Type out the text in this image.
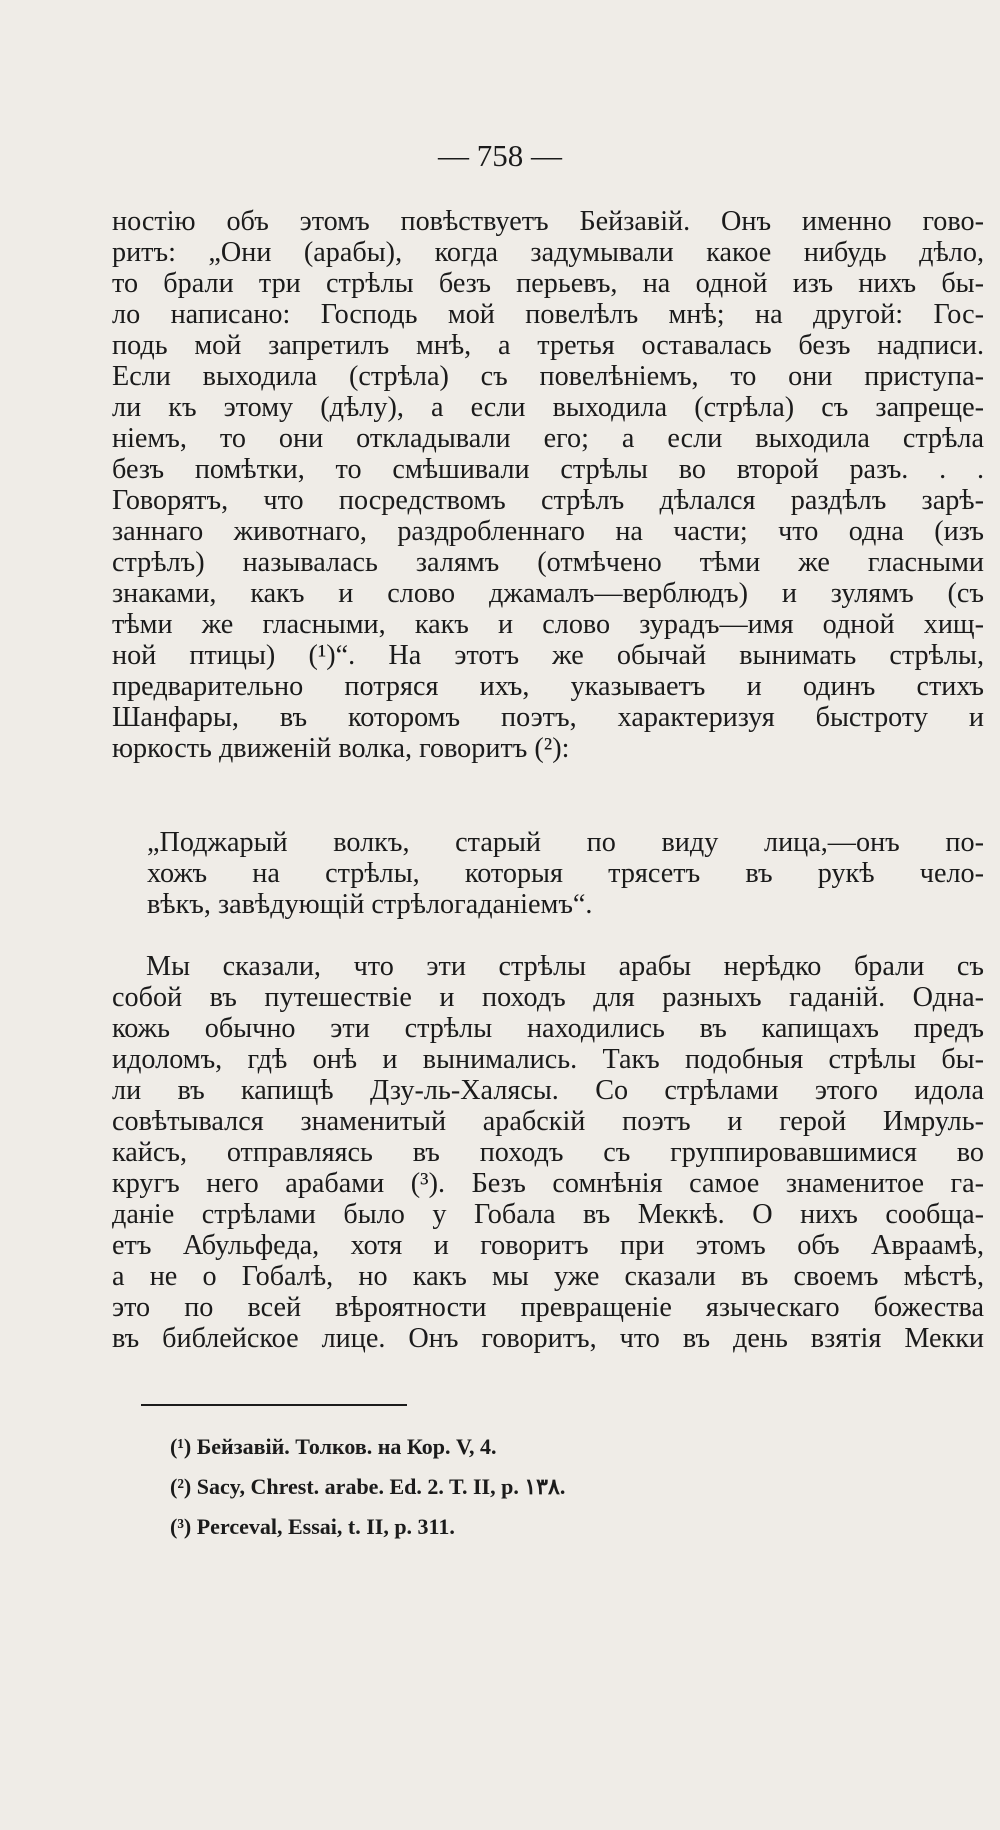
— 758 —
ностію объ этомъ повѣствуетъ Бейзавій. Онъ именно гово-
ритъ: „Они (арабы), когда задумывали какое нибудь дѣло,
то брали три стрѣлы безъ перьевъ, на одной изъ нихъ бы-
ло написано: Господь мой повелѣлъ мнѣ; на другой: Гос-
подь мой запретилъ мнѣ, а третья оставалась безъ надписи.
Если выходила (стрѣла) съ повелѣніемъ, то они приступа-
ли къ этому (дѣлу), а если выходила (стрѣла) съ запреще-
ніемъ, то они откладывали его; а если выходила стрѣла
безъ помѣтки, то смѣшивали стрѣлы во второй разъ. . .
Говорятъ, что посредствомъ стрѣлъ дѣлался раздѣлъ зарѣ-
заннаго животнаго, раздробленнаго на части; что одна (изъ
стрѣлъ) называлась залямъ (отмѣчено тѣми же гласными
знаками, какъ и слово джамалъ—верблюдъ) и зулямъ (съ
тѣми же гласными, какъ и слово зурадъ—имя одной хищ-
ной птицы) (¹)“. На этотъ же обычай вынимать стрѣлы,
предварительно потряся ихъ, указываетъ и одинъ стихъ
Шанфары, въ которомъ поэтъ, характеризуя быстроту и
юркость движеній волка, говоритъ (²):
„Поджарый волкъ, старый по виду лица,—онъ по-
хожъ на стрѣлы, которыя трясетъ въ рукѣ чело-
вѣкъ, завѣдующій стрѣлогаданіемъ“.
Мы сказали, что эти стрѣлы арабы нерѣдко брали съ
собой въ путешествіе и походъ для разныхъ гаданій. Одна-
кожь обычно эти стрѣлы находились въ капищахъ предъ
идоломъ, гдѣ онѣ и вынимались. Такъ подобныя стрѣлы бы-
ли въ капищѣ Дзу-ль-Халясы. Со стрѣлами этого идола
совѣтывался знаменитый арабскій поэтъ и герой Имруль-
кайсъ, отправляясь въ походъ съ группировавшимися во
кругъ него арабами (³). Безъ сомнѣнія самое знаменитое га-
даніе стрѣлами было у Гобала въ Меккѣ. О нихъ сообща-
етъ Абульфеда, хотя и говоритъ при этомъ объ Авраамѣ,
а не о Гобалѣ, но какъ мы уже сказали въ своемъ мѣстѣ,
это по всей вѣроятности превращеніе языческаго божества
въ библейское лице. Онъ говоритъ, что въ день взятія Мекки
(¹) Бейзавій. Толков. на Кор. V, 4.
(²) Sacy, Chrest. arabe. Ed. 2. T. II, p. ١٣٨.
(³) Perceval, Essai, t. II, p. 311.
